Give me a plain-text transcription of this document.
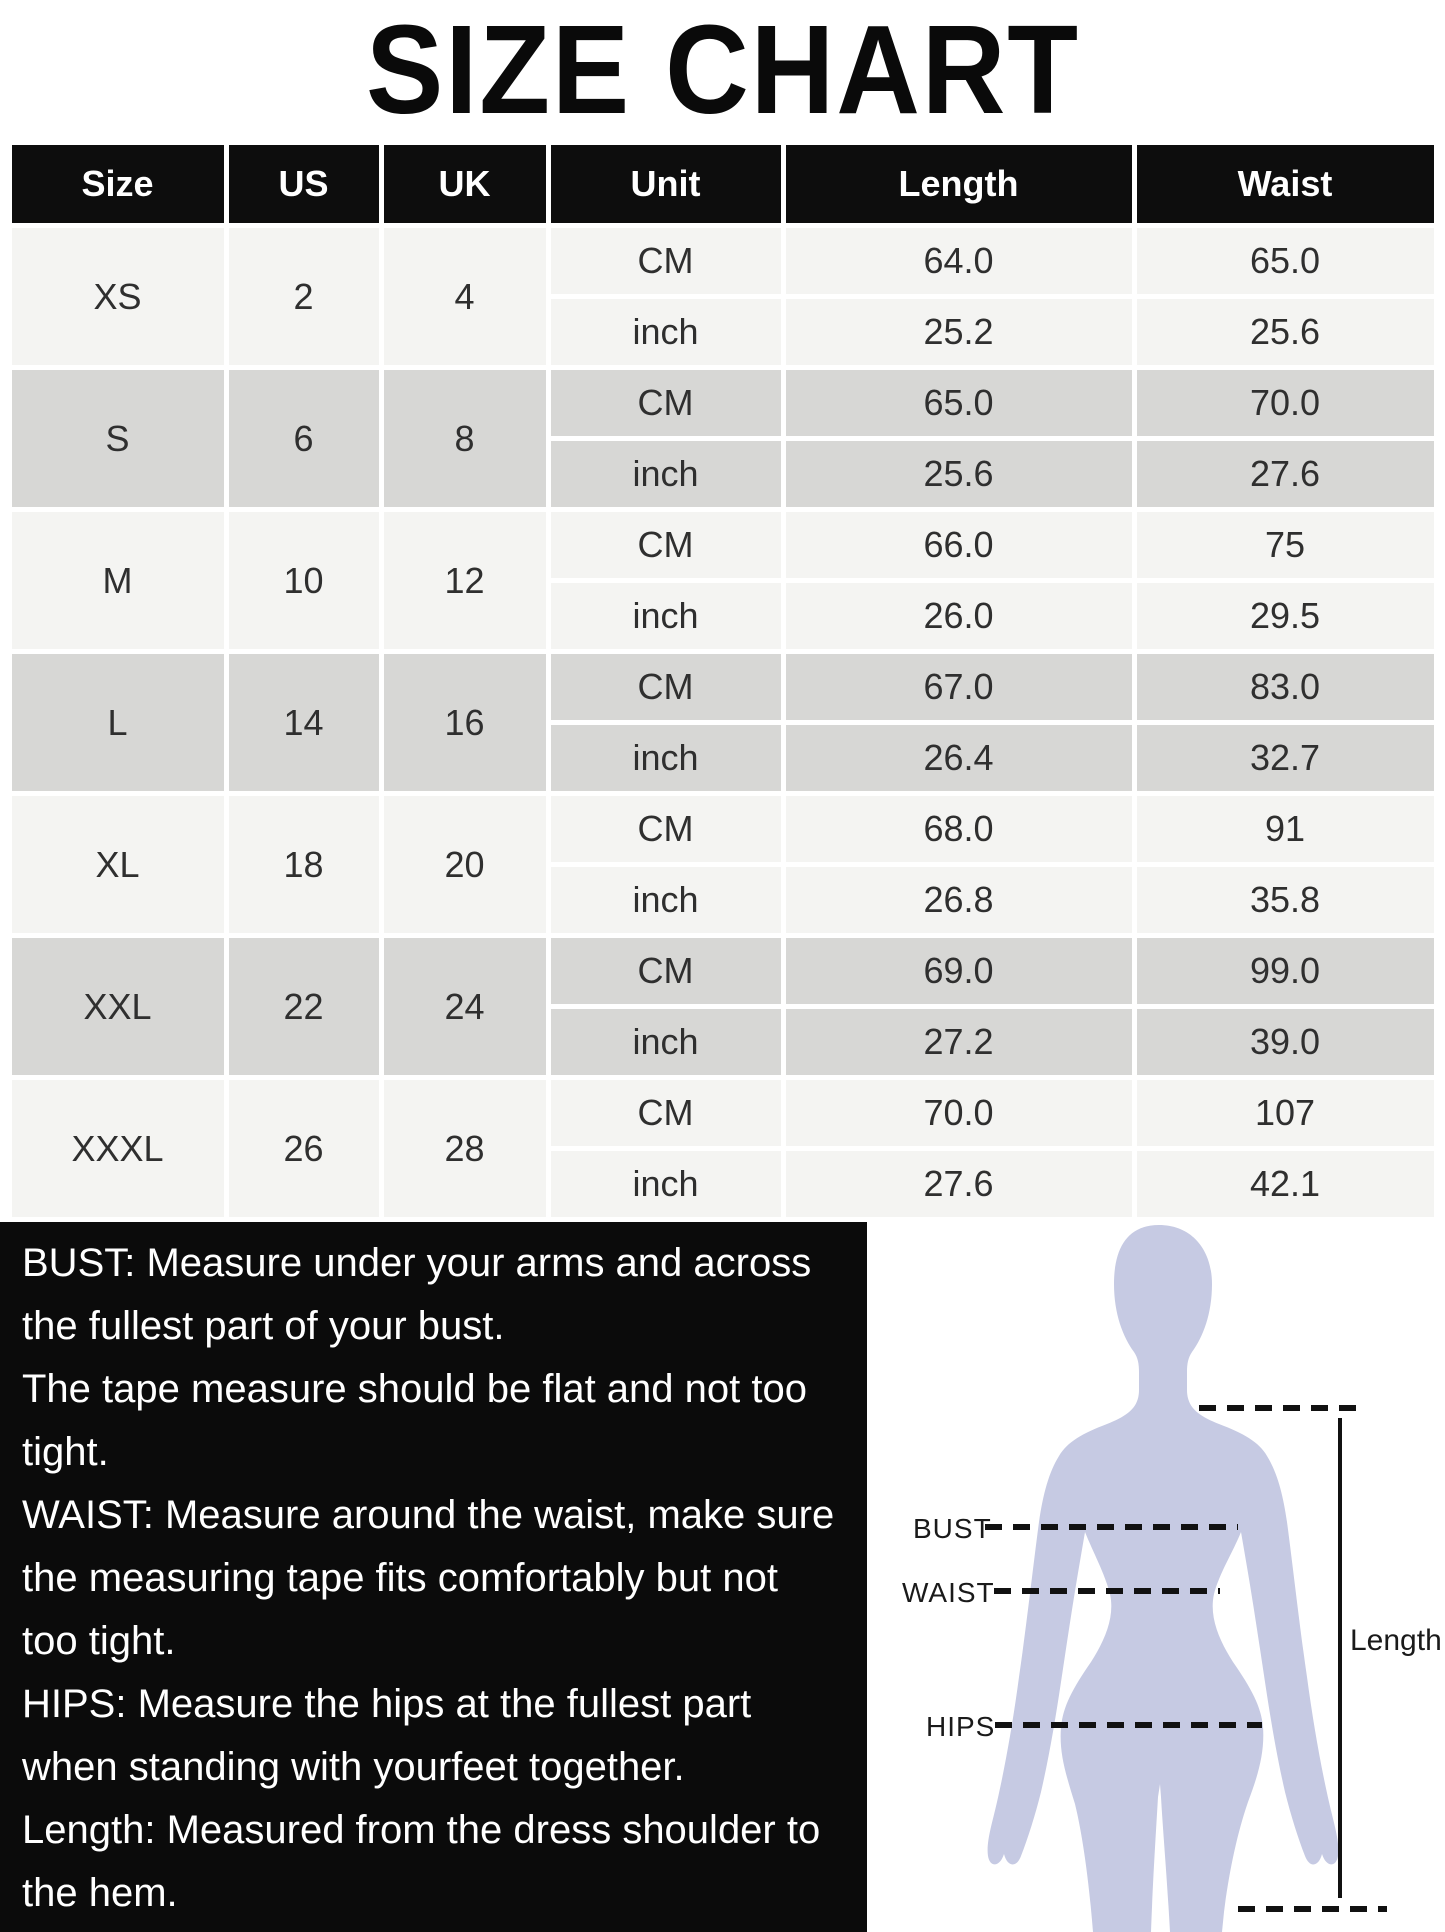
SIZE CHART
Size	US	UK	Unit	Length	Waist
XS	2	4	CM	64.0	65.0
			inch	25.2	25.6
S	6	8	CM	65.0	70.0
			inch	25.6	27.6
M	10	12	CM	66.0	75
			inch	26.0	29.5
L	14	16	CM	67.0	83.0
			inch	26.4	32.7
XL	18	20	CM	68.0	91
			inch	26.8	35.8
XXL	22	24	CM	69.0	99.0
			inch	27.2	39.0
XXXL	26	28	CM	70.0	107
			inch	27.6	42.1
BUST: Measure under your arms and across
the fullest part of your bust.
The tape measure should be flat and not too
tight.
WAIST: Measure around the waist, make sure
the measuring tape fits comfortably but not
too tight.
HIPS: Measure the hips at the fullest part
when standing with yourfeet together.
Length: Measured from the dress shoulder to
the hem.
BUST
WAIST
HIPS
Length
